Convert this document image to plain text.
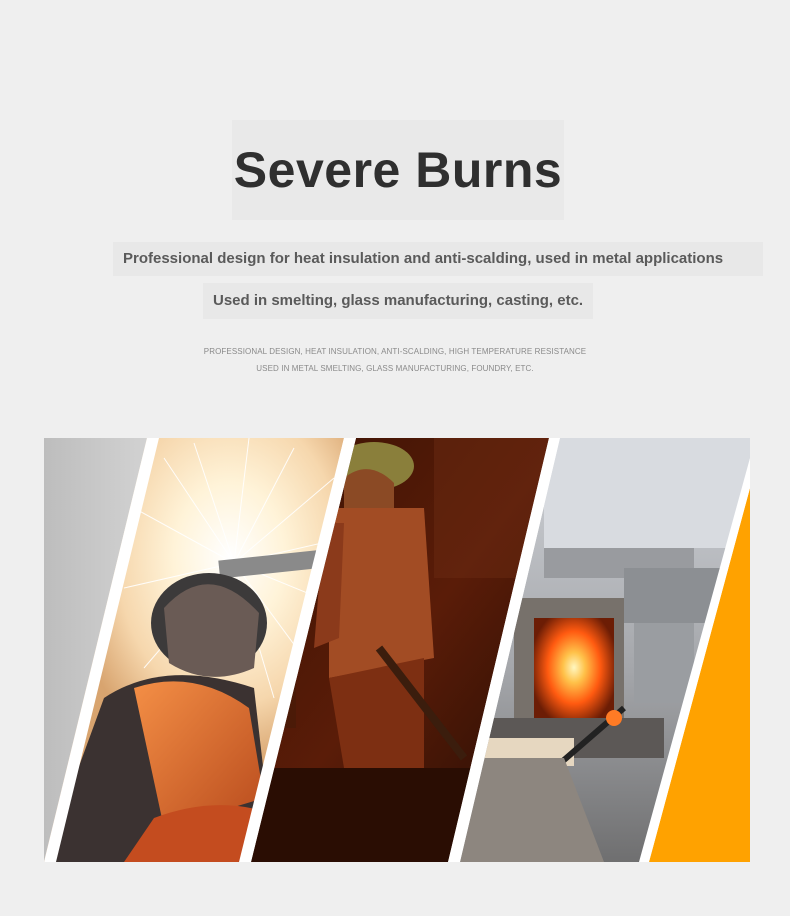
Severe Burns
Professional design for heat insulation and anti-scalding, used in metal applications
Used in smelting, glass manufacturing, casting, etc.
PROFESSIONAL DESIGN, HEAT INSULATION, ANTI-SCALDING, HIGH TEMPERATURE RESISTANCE
USED IN METAL SMELTING, GLASS MANUFACTURING, FOUNDRY, ETC.
